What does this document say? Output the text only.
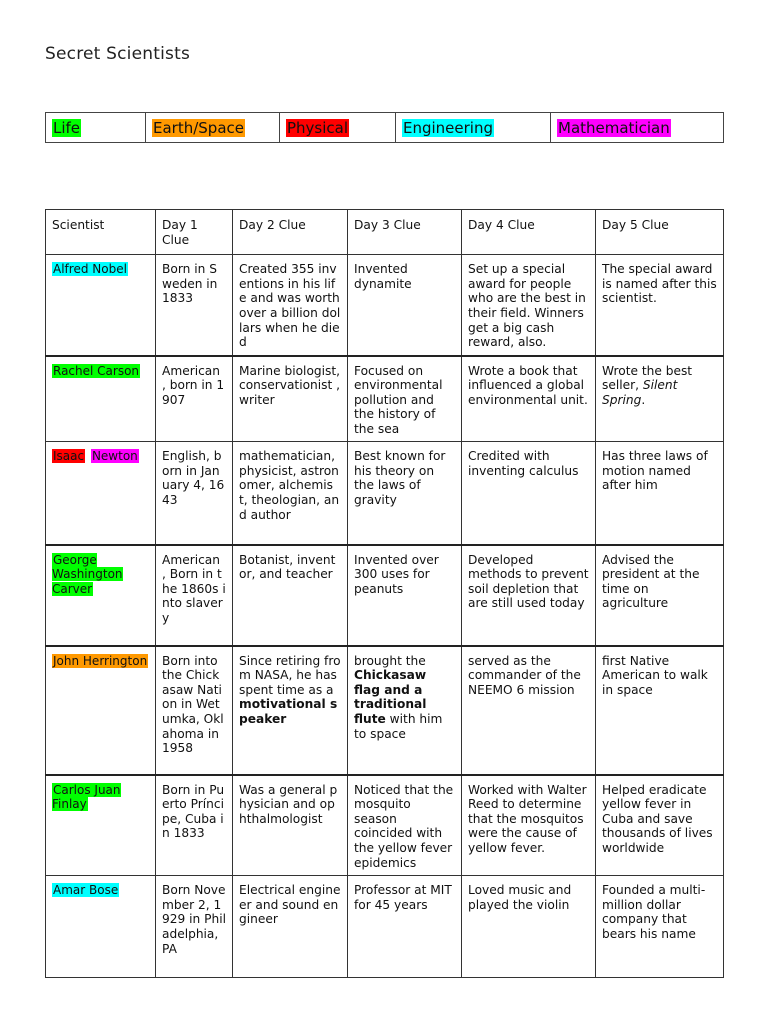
Secret Scientists
Life	Earth/Space	Physical	Engineering	Mathematician
Scientist	Day 1 Clue	Day 2 Clue	Day 3 Clue	Day 4 Clue	Day 5 Clue
Alfred Nobel	Born in Sweden in 1833	Created 355 inventions in his life and was worth over a billion dollars when he died	Invented dynamite	Set up a special award for people who are the best in their field. Winners get a big cash reward, also.	The special award is named after this scientist.
Rachel Carson	American , born in 1907	Marine biologist, conservationist , writer	Focused on environmental pollution and the history of the sea	Wrote a book that influenced a global environmental unit.	Wrote the best seller, Silent Spring.
Isaac Newton	English, born in January 4, 1643	mathematician, physicist, astronomer, alchemist, theologian, and author	Best known for his theory on the laws of gravity	Credited with inventing calculus	Has three laws of motion named after him
George Washington Carver	American , Born in the 1860s into slavery	Botanist, inventor, and teacher	Invented over 300 uses for peanuts	Developed methods to prevent soil depletion that are still used today	Advised the president at the time on agriculture
John Herrington	Born into the Chickasaw Nation in Wetumka, Oklahoma in 1958	Since retiring from NASA, he has spent time as a motivational speaker	brought the Chickasaw flag and a traditional flute with him to space	served as the commander of the NEEMO 6 mission	first Native American to walk in space
Carlos Juan Finlay	Born in Puerto Príncipe, Cuba in 1833	Was a general physician and ophthalmologist	Noticed that the mosquito season coincided with the yellow fever epidemics	Worked with Walter Reed to determine that the mosquitos were the cause of yellow fever.	Helped eradicate yellow fever in Cuba and save thousands of lives worldwide
Amar Bose	Born November 2, 1929 in Philadelphia, PA	Electrical engineer and sound engineer	Professor at MIT for 45 years	Loved music and played the violin	Founded a multi-million dollar company that bears his name
